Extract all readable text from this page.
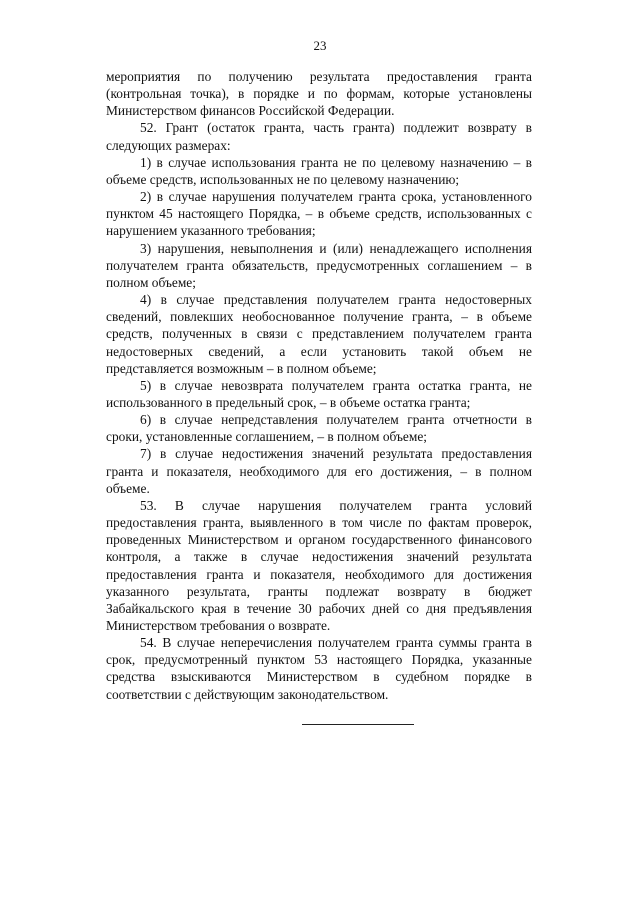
23

мероприятия по получению результата предоставления гранта (контрольная точка), в порядке и по формам, которые установлены Министерством финансов Российской Федерации.

52. Грант (остаток гранта, часть гранта) подлежит возврату в следующих размерах:

1) в случае использования гранта не по целевому назначению – в объеме средств, использованных не по целевому назначению;

2) в случае нарушения получателем гранта срока, установленного пунктом 45 настоящего Порядка, – в объеме средств, использованных с нарушением указанного требования;

3) нарушения, невыполнения и (или) ненадлежащего исполнения получателем гранта обязательств, предусмотренных соглашением – в полном объеме;

4) в случае представления получателем гранта недостоверных сведений, повлекших необоснованное получение гранта, – в объеме средств, полученных в связи с представлением получателем гранта недостоверных сведений, а если установить такой объем не представляется возможным – в полном объеме;

5) в случае невозврата получателем гранта остатка гранта, не использованного в предельный срок, – в объеме остатка гранта;

6) в случае непредставления получателем гранта отчетности в сроки, установленные соглашением, – в полном объеме;

7) в случае недостижения значений результата предоставления гранта и показателя, необходимого для его достижения, – в полном объеме.

53. В случае нарушения получателем гранта условий предоставления гранта, выявленного в том числе по фактам проверок, проведенных Министерством и органом государственного финансового контроля, а также в случае недостижения значений результата предоставления гранта и показателя, необходимого для достижения указанного результата, гранты подлежат возврату в бюджет Забайкальского края в течение 30 рабочих дней со дня предъявления Министерством требования о возврате.

54. В случае неперечисления получателем гранта суммы гранта в срок, предусмотренный пунктом 53 настоящего Порядка, указанные средства взыскиваются Министерством в судебном порядке в соответствии с действующим законодательством.
